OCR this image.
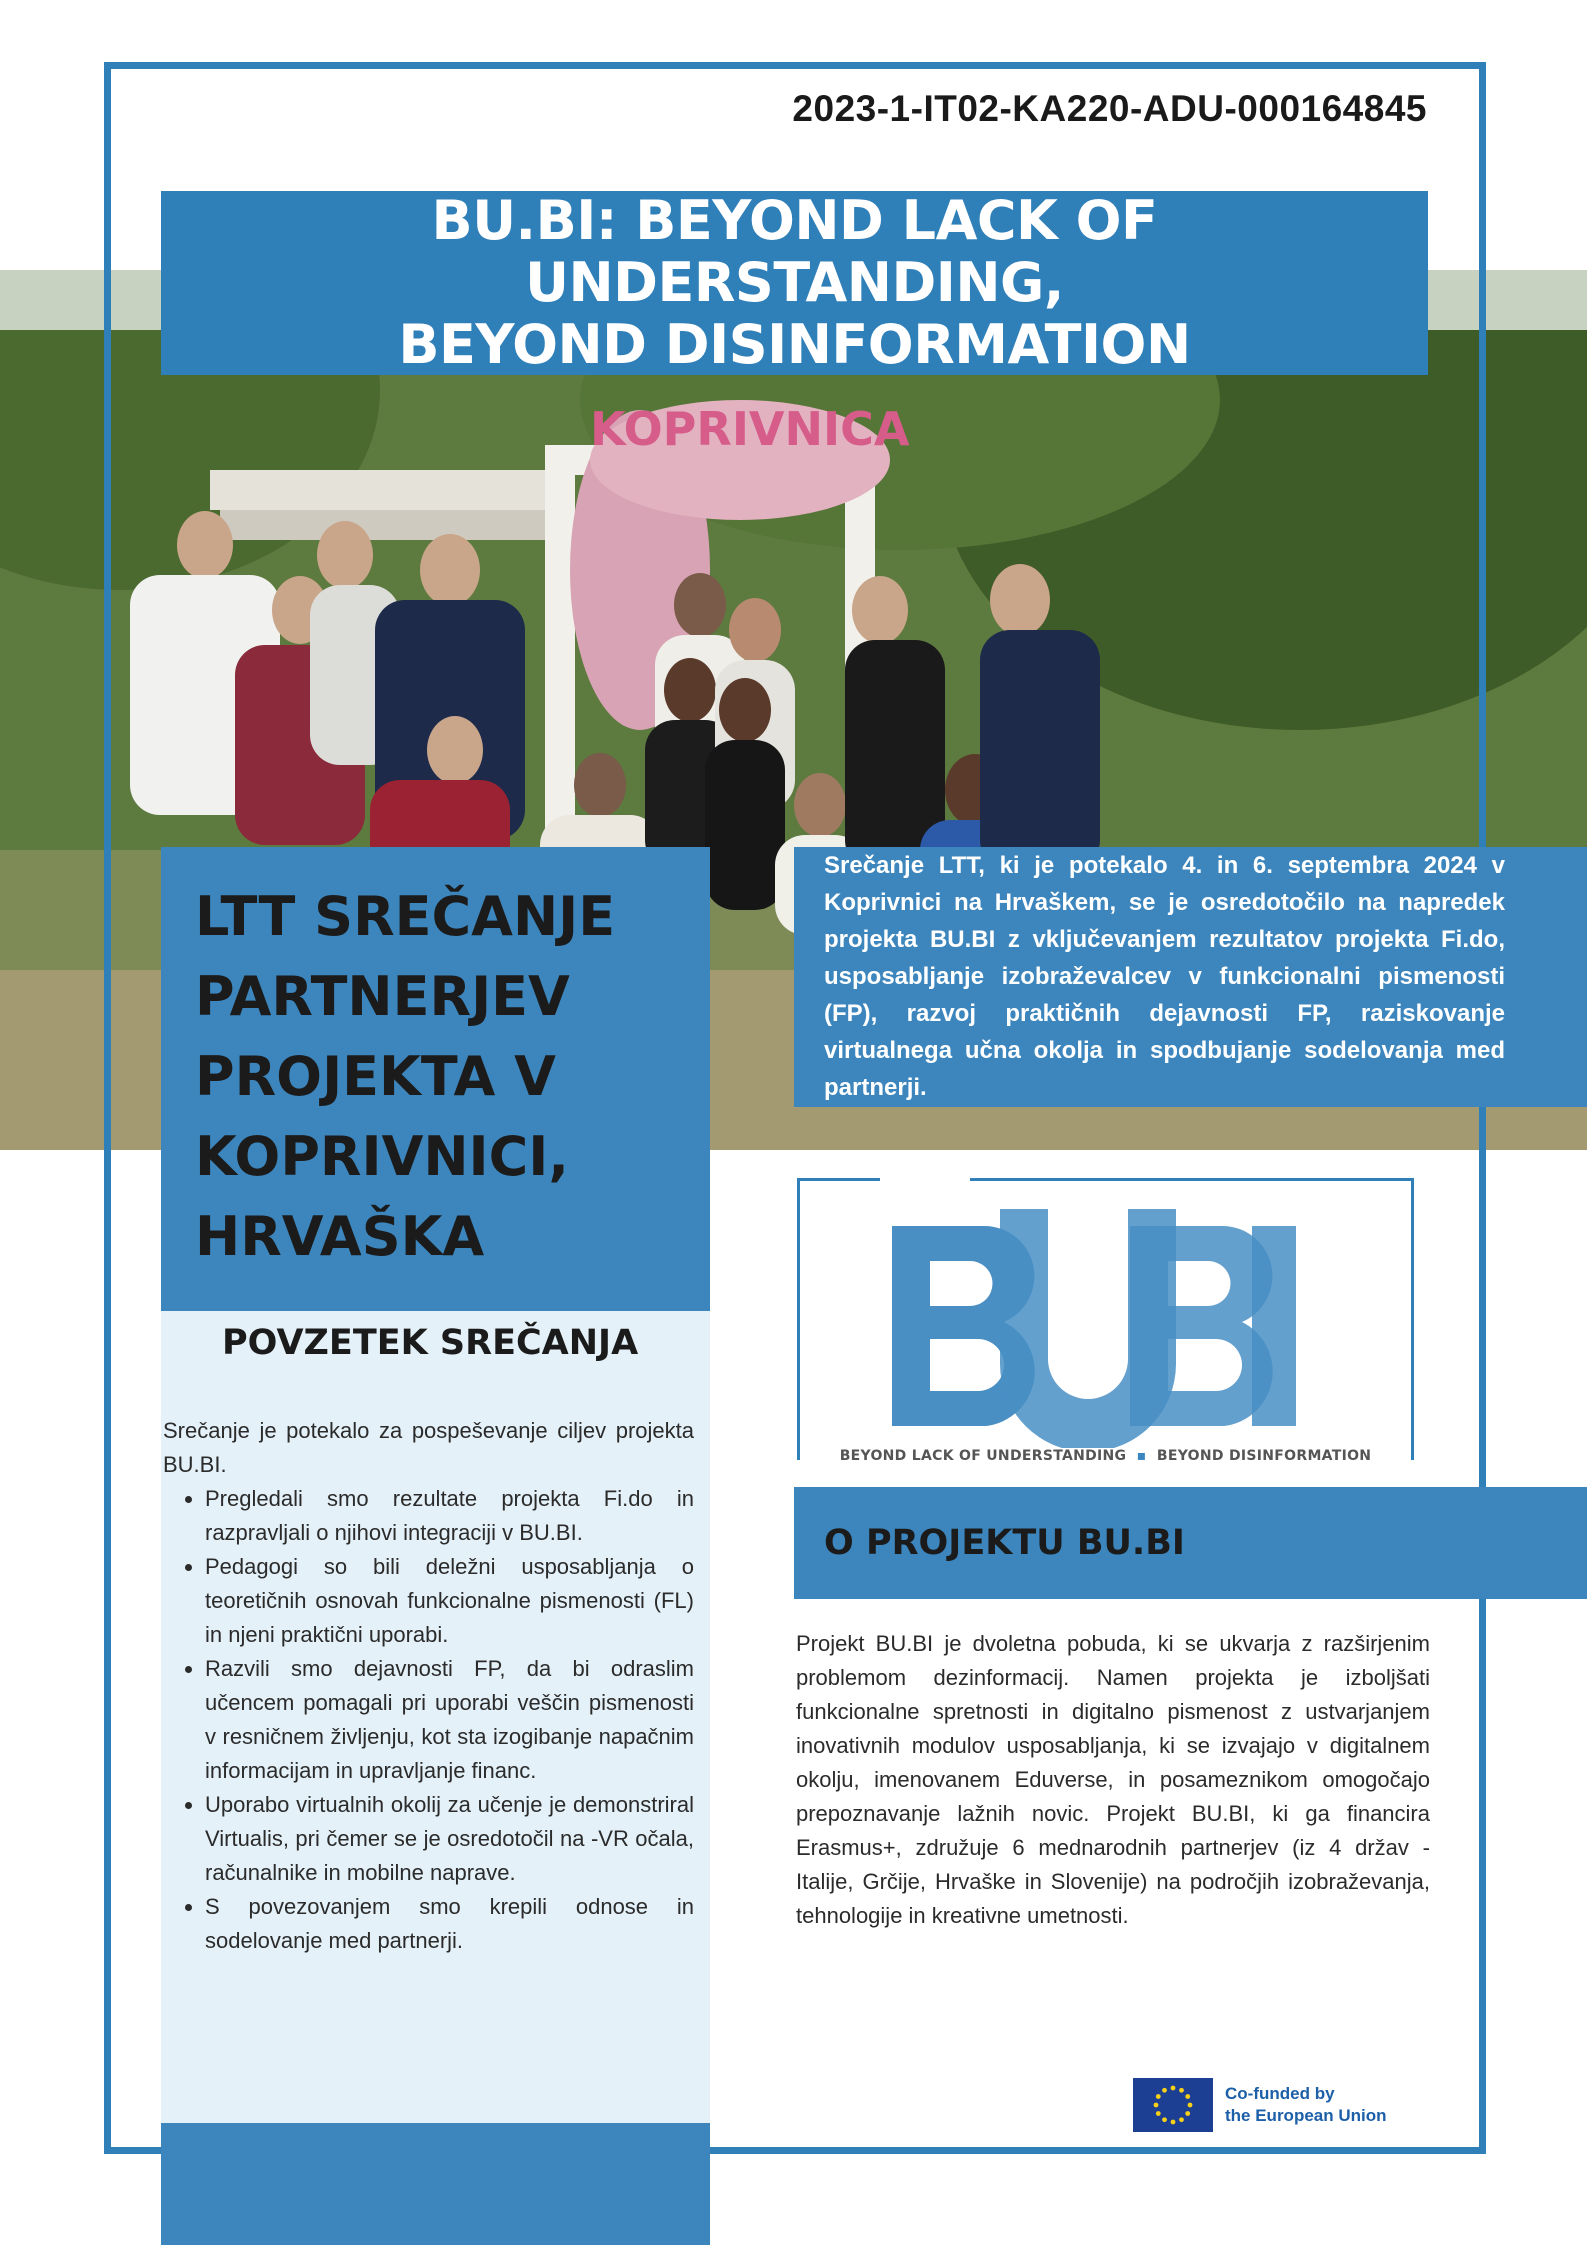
KOPRIVNICA
2023-1-IT02-KA220-ADU-000164845
BU.BI: BEYOND LACK OF UNDERSTANDING,
BEYOND DISINFORMATION
LTT SREČANJE
PARTNERJEV
PROJEKTA V
KOPRIVNICI,
HRVAŠKA

Srečanje LTT, ki je potekalo 4. in 6. septembra 2024 v Koprivnici na Hrvaškem, se je osredotočilo na napredek projekta BU.BI z vključevanjem rezultatov projekta Fi.do, usposabljanje izobraževalcev v funkcionalni pismenosti (FP), razvoj praktičnih dejavnosti FP, raziskovanje virtualnega učna okolja in spodbujanje sodelovanja med partnerji.

POVZETEK SREČANJA

Srečanje je potekalo za pospeševanje ciljev projekta BU.BI.

• Pregledali smo rezultate projekta Fi.do in razpravljali o njihovi integraciji v BU.BI.
• Pedagogi so bili deležni usposabljanja o teoretičnih osnovah funkcionalne pismenosti (FL) in njeni praktični uporabi.
• Razvili smo dejavnosti FP, da bi odraslim učencem pomagali pri uporabi veščin pismenosti v resničnem življenju, kot sta izogibanje napačnim informacijam in upravljanje financ.
• Uporabo virtualnih okolij za učenje je demonstriral Virtualis, pri čemer se je osredotočil na -VR očala, računalnike in mobilne naprave.
• S povezovanjem smo krepili odnose in sodelovanje med partnerji.
BEYOND LACK OF UNDERSTANDING  ▪  BEYOND DISINFORMATION
O PROJEKTU BU.BI

Projekt BU.BI je dvoletna pobuda, ki se ukvarja z razširjenim problemom dezinformacij. Namen projekta je izboljšati funkcionalne spretnosti in digitalno pismenost z ustvarjanjem inovativnih modulov usposabljanja, ki se izvajajo v digitalnem okolju, imenovanem Eduverse, in posameznikom omogočajo prepoznavanje lažnih novic. Projekt BU.BI, ki ga financira Erasmus+, združuje 6 mednarodnih partnerjev (iz 4 držav - Italije, Grčije, Hrvaške in Slovenije) na področjih izobraževanja, tehnologije in kreativne umetnosti.

Co-funded by
the European Union
